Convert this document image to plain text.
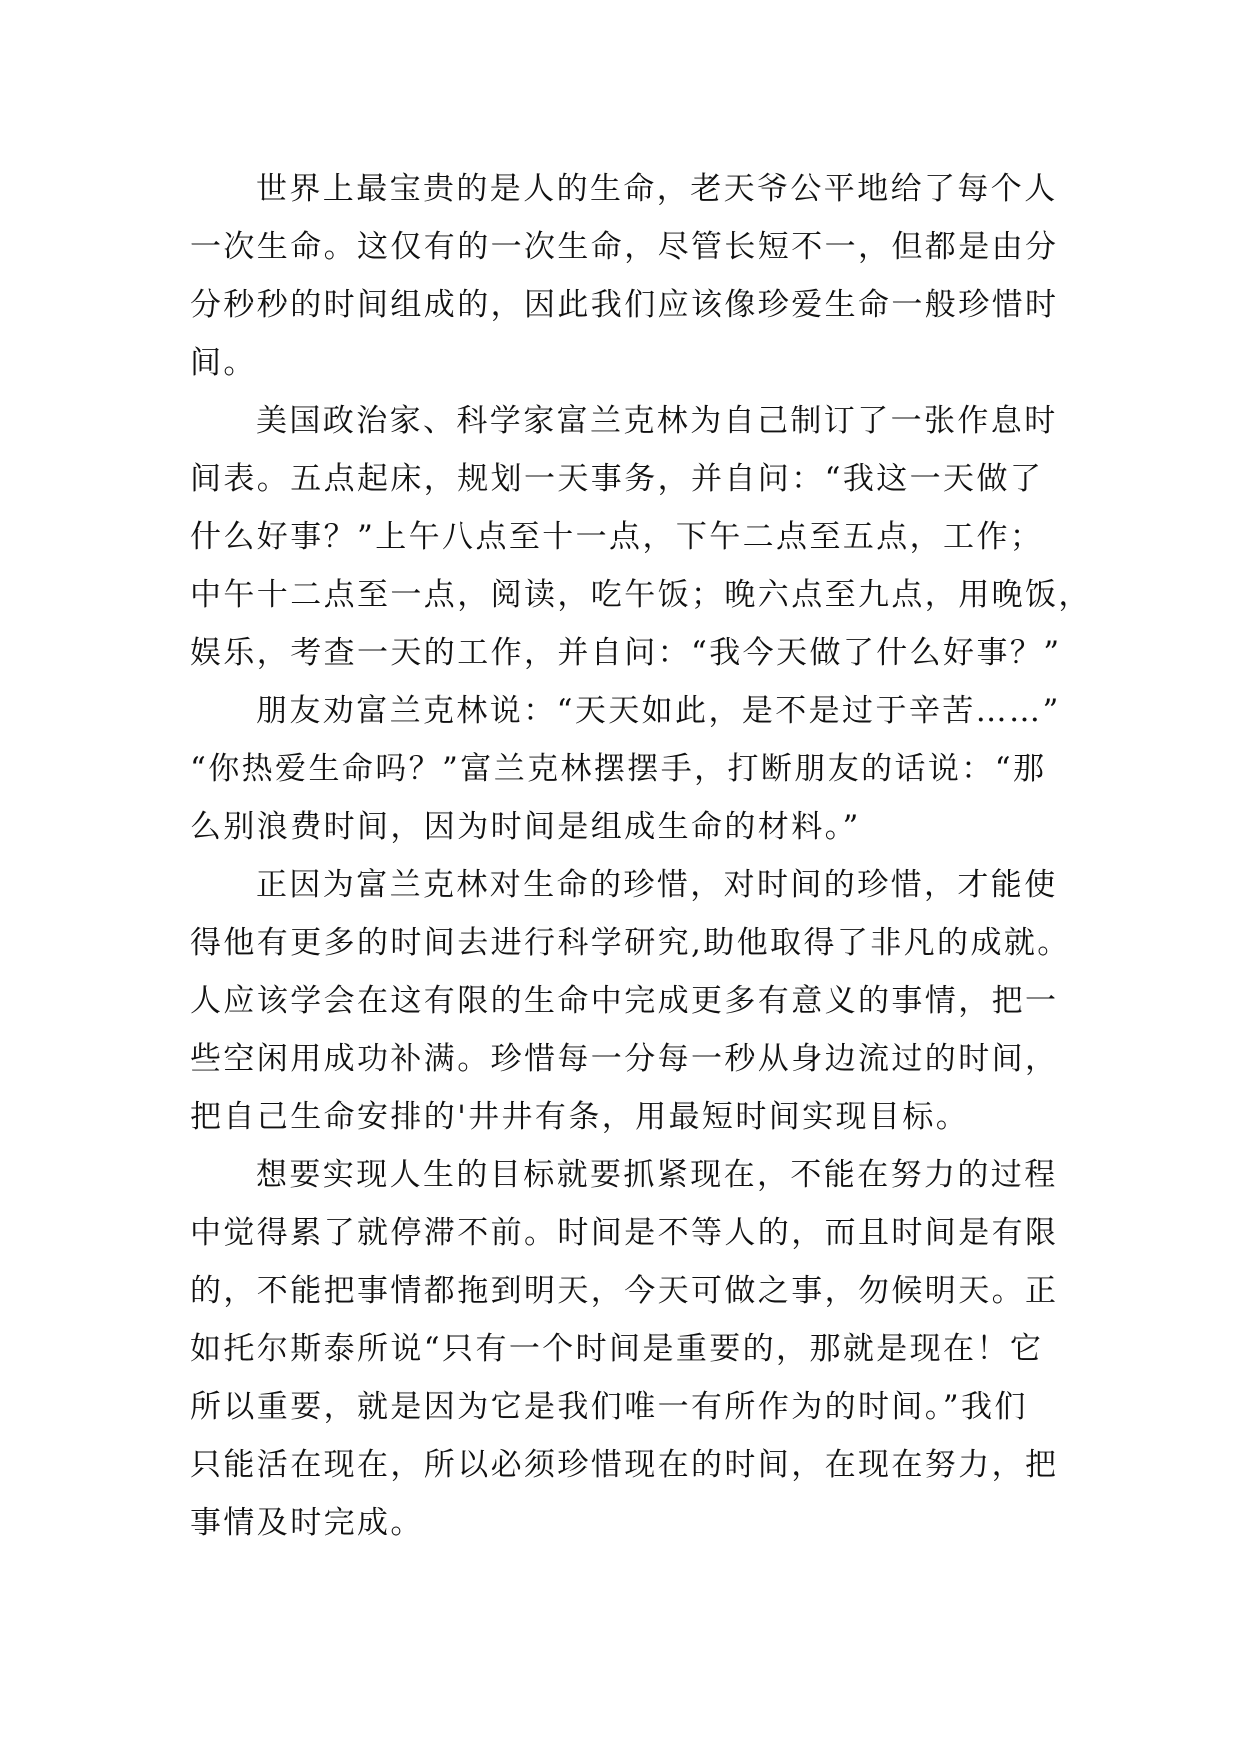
世界上最宝贵的是人的生命，老天爷公平地给了每个人
一次生命。这仅有的一次生命，尽管长短不一，但都是由分
分秒秒的时间组成的，因此我们应该像珍爱生命一般珍惜时
间。
美国政治家、科学家富兰克林为自己制订了一张作息时
间表。五点起床，规划一天事务，并自问：“我这一天做了
什么好事？”上午八点至十一点，下午二点至五点，工作；
中午十二点至一点，阅读，吃午饭；晚六点至九点，用晚饭，
娱乐，考查一天的工作，并自问：“我今天做了什么好事？”
朋友劝富兰克林说：“天天如此，是不是过于辛苦……”
“你热爱生命吗？”富兰克林摆摆手，打断朋友的话说：“那
么别浪费时间，因为时间是组成生命的材料。”
正因为富兰克林对生命的珍惜，对时间的珍惜，才能使
得他有更多的时间去进行科学研究,助他取得了非凡的成就。
人应该学会在这有限的生命中完成更多有意义的事情，把一
些空闲用成功补满。珍惜每一分每一秒从身边流过的时间，
把自己生命安排的'井井有条，用最短时间实现目标。
想要实现人生的目标就要抓紧现在，不能在努力的过程
中觉得累了就停滞不前。时间是不等人的，而且时间是有限
的，不能把事情都拖到明天，今天可做之事，勿候明天。正
如托尔斯泰所说“只有一个时间是重要的，那就是现在！它
所以重要，就是因为它是我们唯一有所作为的时间。”我们
只能活在现在，所以必须珍惜现在的时间，在现在努力，把
事情及时完成。
